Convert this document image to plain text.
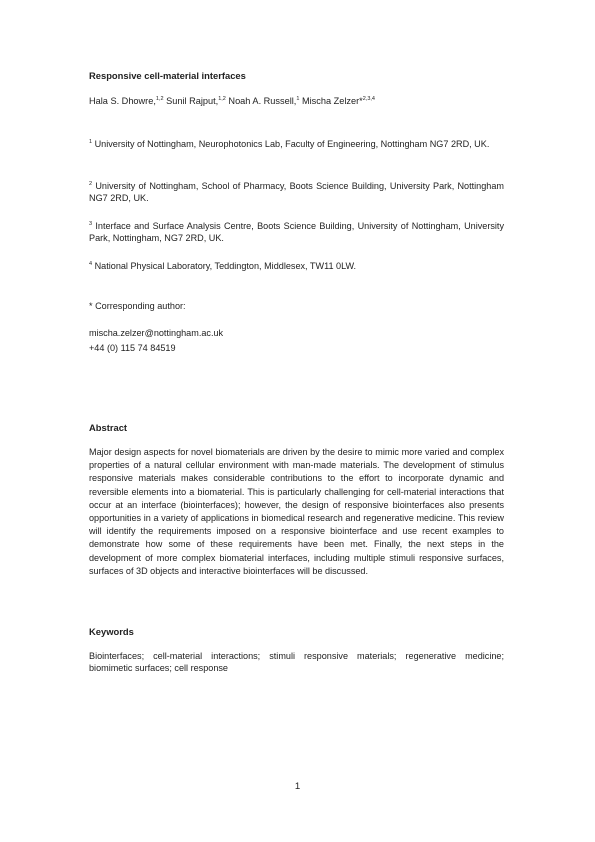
Responsive cell-material interfaces
Hala S. Dhowre,$^{1,2}$ Sunil Rajput,$^{1,2}$ Noah A. Russell,$^1$ Mischa Zelzer*$^{2,3,4}$
$^1$ University of Nottingham, Neurophotonics Lab, Faculty of Engineering, Nottingham NG7 2RD, UK.
$^2$ University of Nottingham, School of Pharmacy, Boots Science Building, University Park, Nottingham NG7 2RD, UK.
$^3$ Interface and Surface Analysis Centre, Boots Science Building, University of Nottingham, University Park, Nottingham, NG7 2RD, UK.
$^4$ National Physical Laboratory, Teddington, Middlesex, TW11 0LW.
* Corresponding author:
mischa.zelzer@nottingham.ac.uk
+44 (0) 115 74 84519
Abstract
Major design aspects for novel biomaterials are driven by the desire to mimic more varied and complex properties of a natural cellular environment with man-made materials. The development of stimulus responsive materials makes considerable contributions to the effort to incorporate dynamic and reversible elements into a biomaterial. This is particularly challenging for cell-material interactions that occur at an interface (biointerfaces); however, the design of responsive biointerfaces also presents opportunities in a variety of applications in biomedical research and regenerative medicine. This review will identify the requirements imposed on a responsive biointerface and use recent examples to demonstrate how some of these requirements have been met. Finally, the next steps in the development of more complex biomaterial interfaces, including multiple stimuli responsive surfaces, surfaces of 3D objects and interactive biointerfaces will be discussed.
Keywords
Biointerfaces; cell-material interactions; stimuli responsive materials; regenerative medicine; biomimetic surfaces; cell response
1
